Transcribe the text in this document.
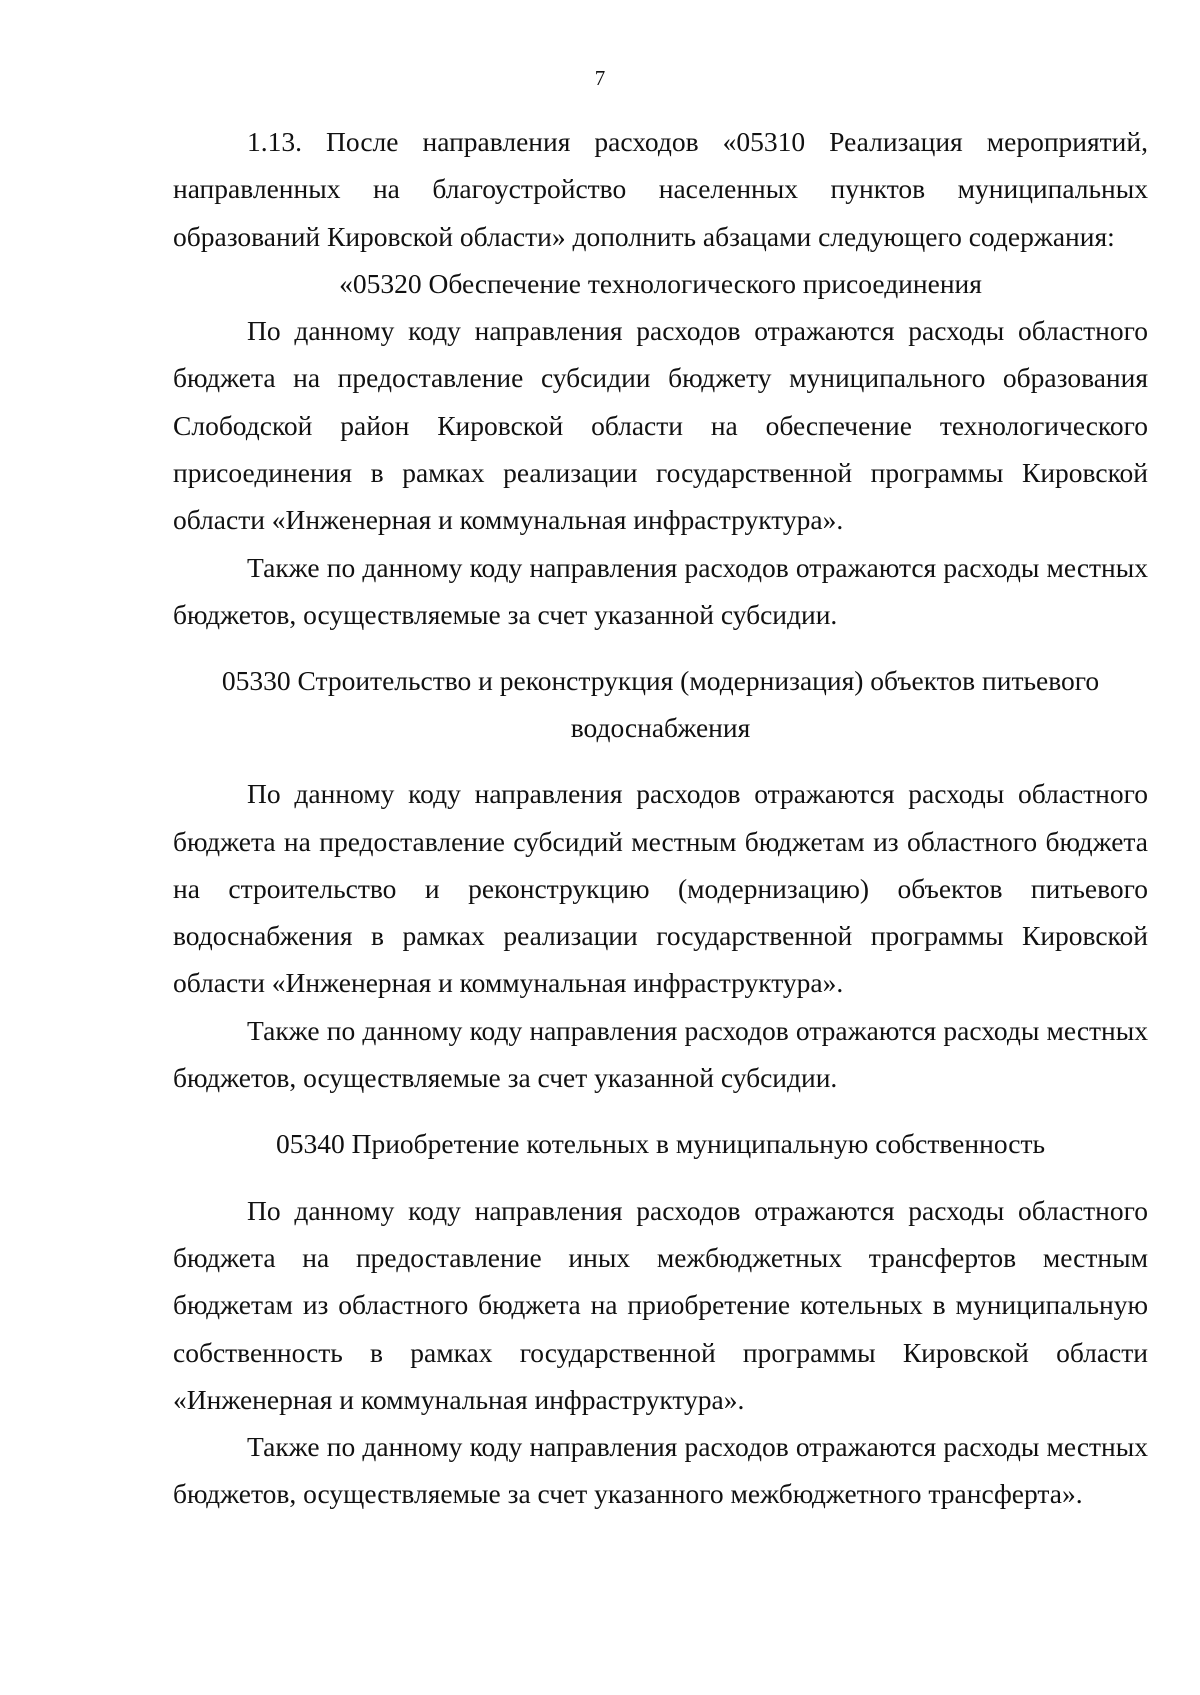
7

1.13. После направления расходов «05310 Реализация мероприятий, направленных на благоустройство населенных пунктов муниципальных образований Кировской области» дополнить абзацами следующего содержания:

«05320 Обеспечение технологического присоединения

По данному коду направления расходов отражаются расходы областного бюджета на предоставление субсидии бюджету муниципального образования Слободской район Кировской области на обеспечение технологического присоединения в рамках реализации государственной программы Кировской области «Инженерная и коммунальная инфраструктура».

Также по данному коду направления расходов отражаются расходы местных бюджетов, осуществляемые за счет указанной субсидии.

05330 Строительство и реконструкция (модернизация) объектов питьевого
водоснабжения

По данному коду направления расходов отражаются расходы областного бюджета на предоставление субсидий местным бюджетам из областного бюджета на строительство и реконструкцию (модернизацию) объектов питьевого водоснабжения в рамках реализации государственной программы Кировской области «Инженерная и коммунальная инфраструктура».

Также по данному коду направления расходов отражаются расходы местных бюджетов, осуществляемые за счет указанной субсидии.

05340 Приобретение котельных в муниципальную собственность

По данному коду направления расходов отражаются расходы областного бюджета на предоставление иных межбюджетных трансфертов местным бюджетам из областного бюджета на приобретение котельных в муниципальную собственность в рамках государственной программы Кировской области «Инженерная и коммунальная инфраструктура».

Также по данному коду направления расходов отражаются расходы местных бюджетов, осуществляемые за счет указанного межбюджетного трансферта».
